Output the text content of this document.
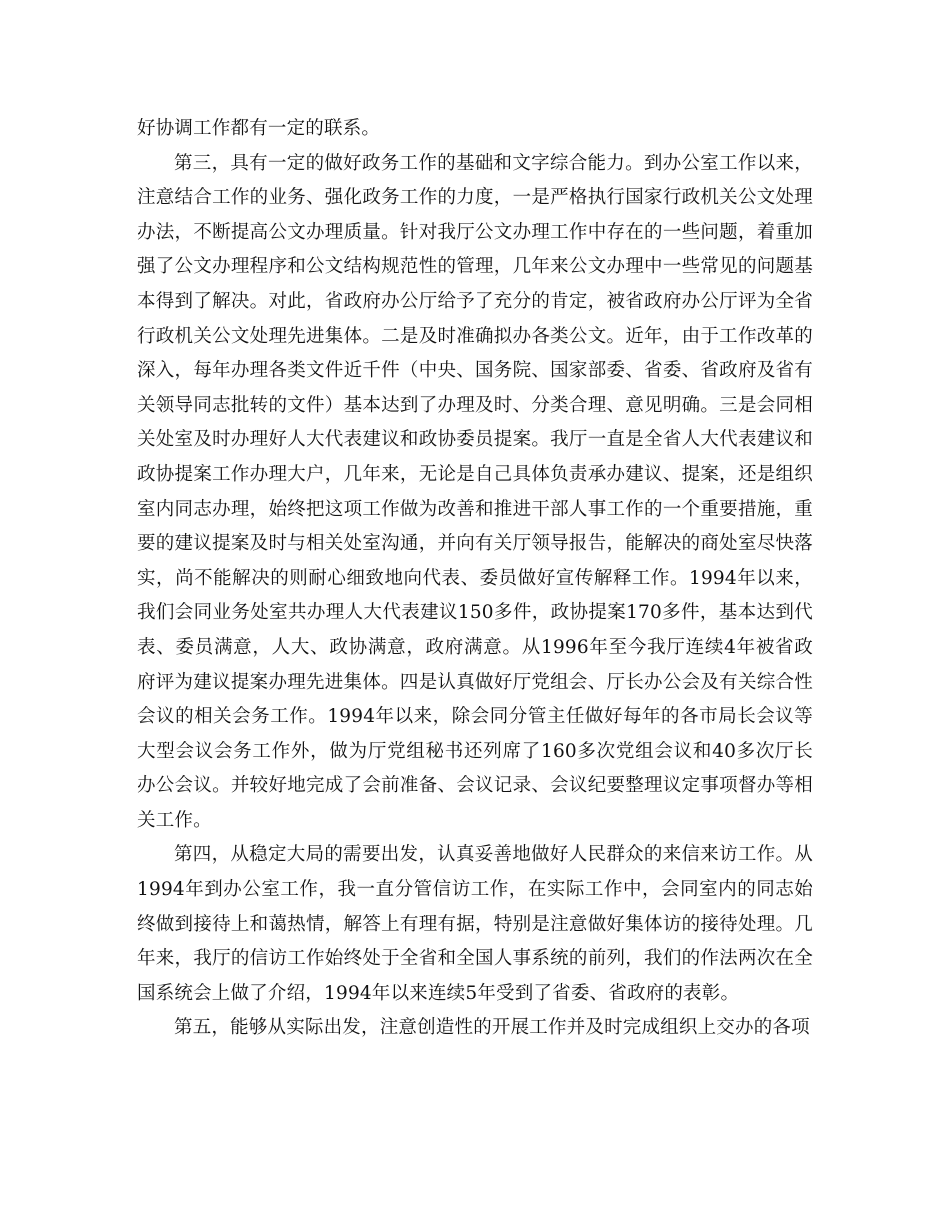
好协调工作都有一定的联系。

第三，具有一定的做好政务工作的基础和文字综合能力。到办公室工作以来，注意结合工作的业务、强化政务工作的力度，一是严格执行国家行政机关公文处理办法，不断提高公文办理质量。针对我厅公文办理工作中存在的一些问题，着重加强了公文办理程序和公文结构规范性的管理，几年来公文办理中一些常见的问题基本得到了解决。对此，省政府办公厅给予了充分的肯定，被省政府办公厅评为全省行政机关公文处理先进集体。二是及时准确拟办各类公文。近年，由于工作改革的深入，每年办理各类文件近千件（中央、国务院、国家部委、省委、省政府及省有关领导同志批转的文件）基本达到了办理及时、分类合理、意见明确。三是会同相关处室及时办理好人大代表建议和政协委员提案。我厅一直是全省人大代表建议和政协提案工作办理大户，几年来，无论是自己具体负责承办建议、提案，还是组织室内同志办理，始终把这项工作做为改善和推进干部人事工作的一个重要措施，重要的建议提案及时与相关处室沟通，并向有关厅领导报告，能解决的商处室尽快落实，尚不能解决的则耐心细致地向代表、委员做好宣传解释工作。1994年以来，我们会同业务处室共办理人大代表建议150多件，政协提案170多件，基本达到代表、委员满意，人大、政协满意，政府满意。从1996年至今我厅连续4年被省政府评为建议提案办理先进集体。四是认真做好厅党组会、厅长办公会及有关综合性会议的相关会务工作。1994年以来，除会同分管主任做好每年的各市局长会议等大型会议会务工作外，做为厅党组秘书还列席了160多次党组会议和40多次厅长办公会议。并较好地完成了会前准备、会议记录、会议纪要整理议定事项督办等相关工作。

第四，从稳定大局的需要出发，认真妥善地做好人民群众的来信来访工作。从1994年到办公室工作，我一直分管信访工作，在实际工作中，会同室内的同志始终做到接待上和蔼热情，解答上有理有据，特别是注意做好集体访的接待处理。几年来，我厅的信访工作始终处于全省和全国人事系统的前列，我们的作法两次在全国系统会上做了介绍，1994年以来连续5年受到了省委、省政府的表彰。

第五，能够从实际出发，注意创造性的开展工作并及时完成组织上交办的各项
